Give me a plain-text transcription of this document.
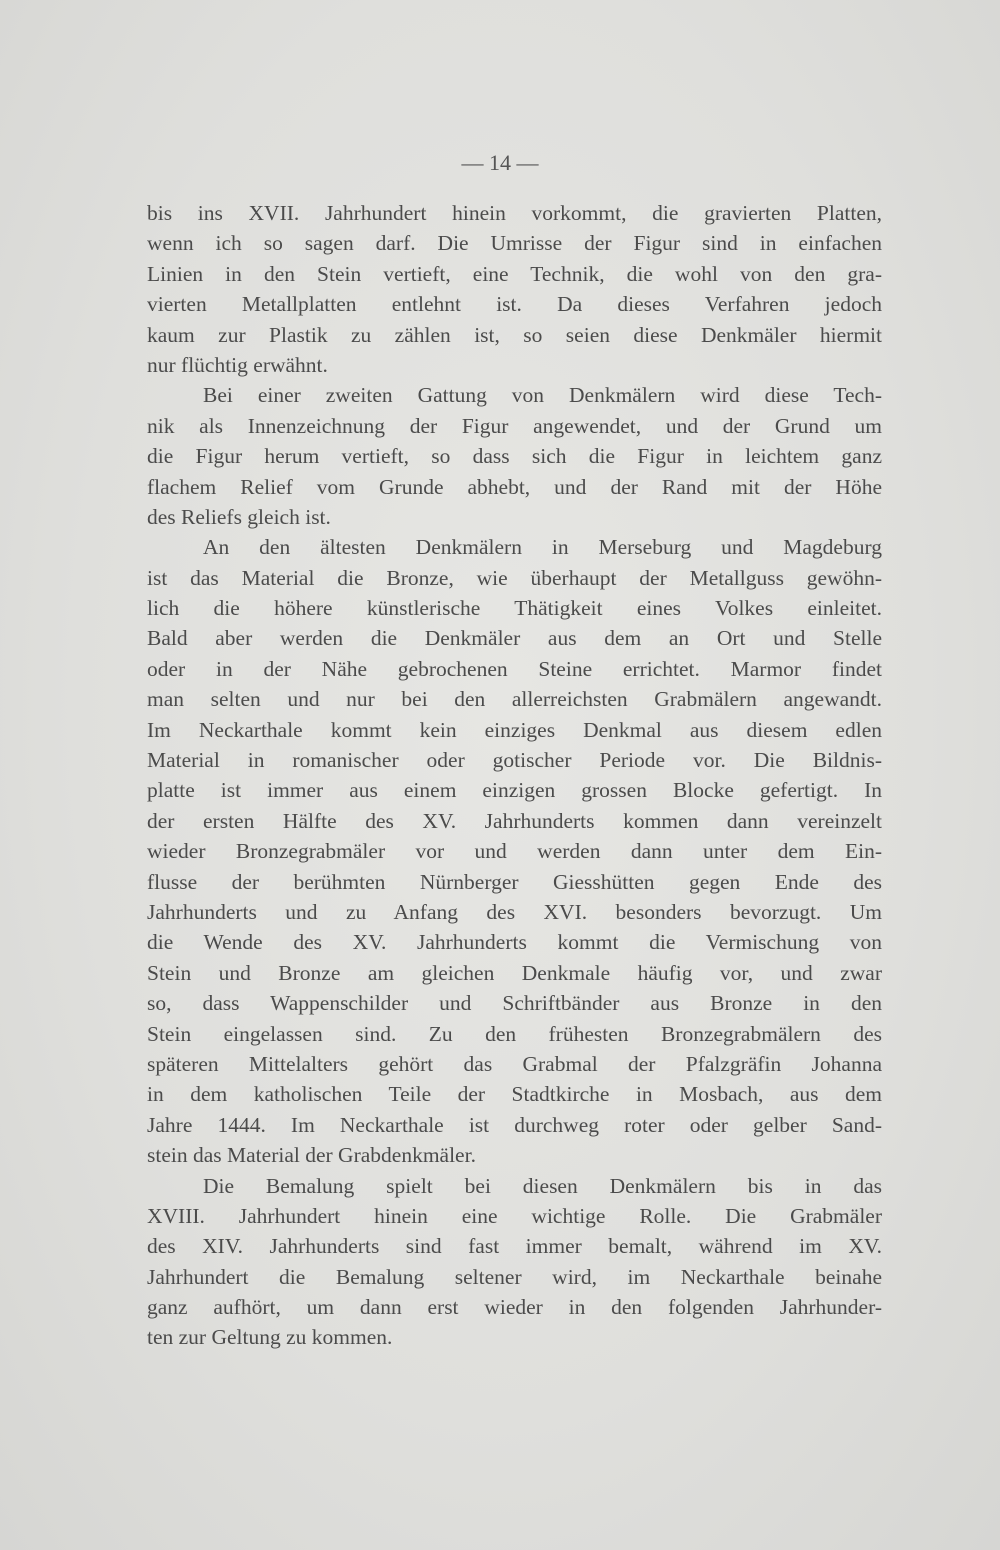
— 14 —
bis ins XVII. Jahrhundert hinein vorkommt, die gravierten Platten,
wenn ich so sagen darf. Die Umrisse der Figur sind in einfachen
Linien in den Stein vertieft, eine Technik, die wohl von den gra-
vierten Metallplatten entlehnt ist. Da dieses Verfahren jedoch
kaum zur Plastik zu zählen ist, so seien diese Denkmäler hiermit
nur flüchtig erwähnt.
Bei einer zweiten Gattung von Denkmälern wird diese Tech-
nik als Innenzeichnung der Figur angewendet, und der Grund um
die Figur herum vertieft, so dass sich die Figur in leichtem ganz
flachem Relief vom Grunde abhebt, und der Rand mit der Höhe
des Reliefs gleich ist.
An den ältesten Denkmälern in Merseburg und Magdeburg
ist das Material die Bronze, wie überhaupt der Metallguss gewöhn-
lich die höhere künstlerische Thätigkeit eines Volkes einleitet.
Bald aber werden die Denkmäler aus dem an Ort und Stelle
oder in der Nähe gebrochenen Steine errichtet. Marmor findet
man selten und nur bei den allerreichsten Grabmälern angewandt.
Im Neckarthale kommt kein einziges Denkmal aus diesem edlen
Material in romanischer oder gotischer Periode vor. Die Bildnis-
platte ist immer aus einem einzigen grossen Blocke gefertigt. In
der ersten Hälfte des XV. Jahrhunderts kommen dann vereinzelt
wieder Bronzegrabmäler vor und werden dann unter dem Ein-
flusse der berühmten Nürnberger Giesshütten gegen Ende des
Jahrhunderts und zu Anfang des XVI. besonders bevorzugt. Um
die Wende des XV. Jahrhunderts kommt die Vermischung von
Stein und Bronze am gleichen Denkmale häufig vor, und zwar
so, dass Wappenschilder und Schriftbänder aus Bronze in den
Stein eingelassen sind. Zu den frühesten Bronzegrabmälern des
späteren Mittelalters gehört das Grabmal der Pfalzgräfin Johanna
in dem katholischen Teile der Stadtkirche in Mosbach, aus dem
Jahre 1444. Im Neckarthale ist durchweg roter oder gelber Sand-
stein das Material der Grabdenkmäler.
Die Bemalung spielt bei diesen Denkmälern bis in das
XVIII. Jahrhundert hinein eine wichtige Rolle. Die Grabmäler
des XIV. Jahrhunderts sind fast immer bemalt, während im XV.
Jahrhundert die Bemalung seltener wird, im Neckarthale beinahe
ganz aufhört, um dann erst wieder in den folgenden Jahrhunder-
ten zur Geltung zu kommen.
